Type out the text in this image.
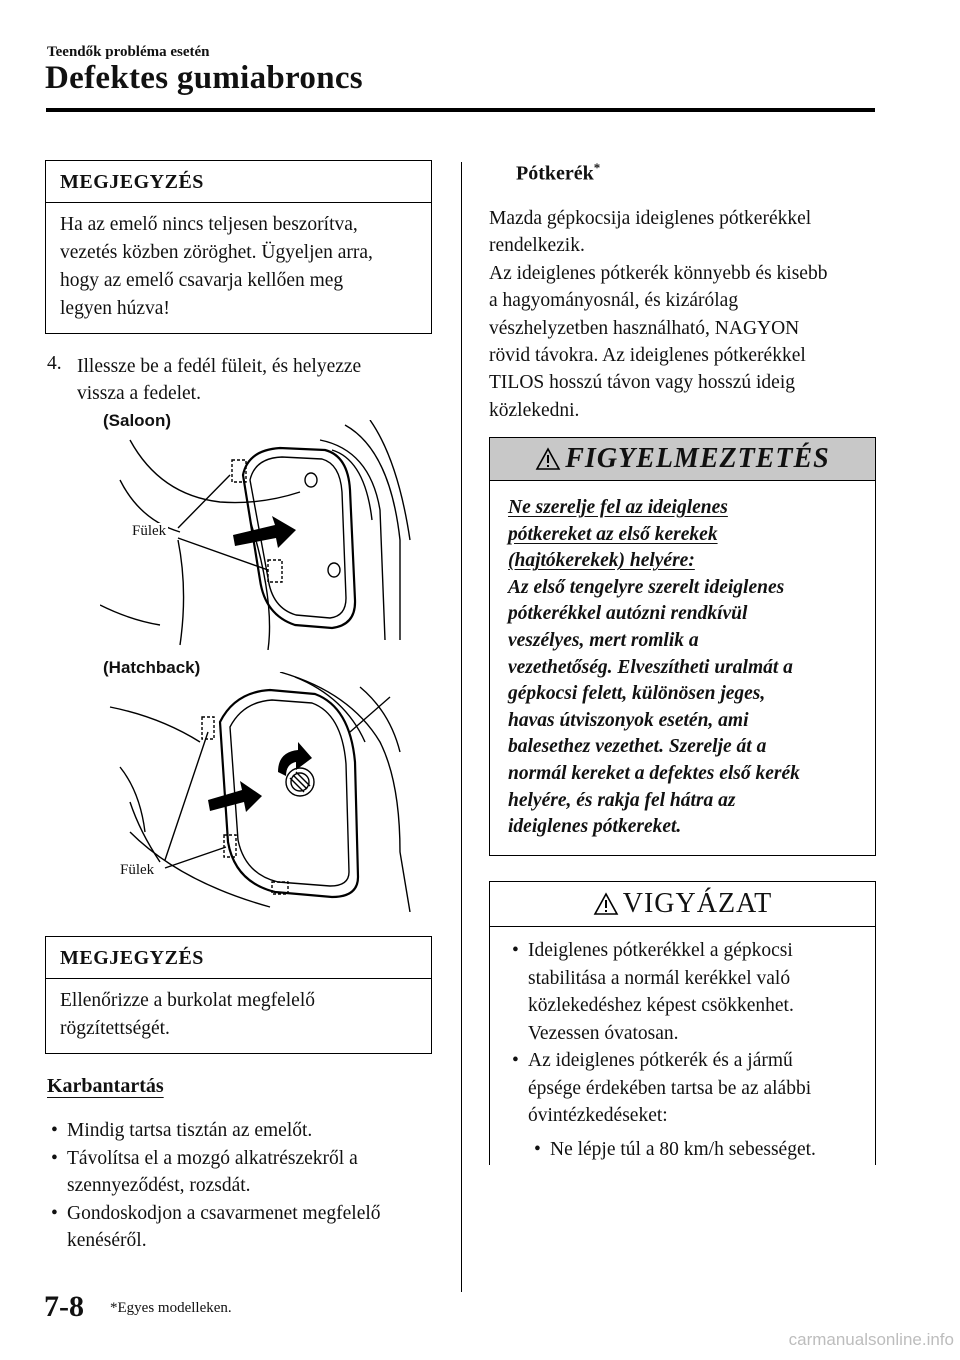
Teendők probléma esetén
Defektes gumiabroncs
MEGJEGYZÉS
Ha az emelő nincs teljesen beszorítva,
vezetés közben zöröghet. Ügyeljen arra,
hogy az emelő csavarja kellően meg
legyen húzva!
4. Illessze be a fedél füleit, és helyezze
vissza a fedelet.
(Saloon)
Fülek
(Hatchback)
Fülek
MEGJEGYZÉS
Ellenőrizze a burkolat megfelelő
rögzítettségét.
Karbantartás
• Mindig tartsa tisztán az emelőt.
• Távolítsa el a mozgó alkatrészekről a
szennyeződést, rozsdát.
• Gondoskodjon a csavarmenet megfelelő
kenéséről.
Pótkerék*
Mazda gépkocsija ideiglenes pótkerékkel
rendelkezik.
Az ideiglenes pótkerék könnyebb és kisebb
a hagyományosnál, és kizárólag
vészhelyzetben használható, NAGYON
rövid távokra. Az ideiglenes pótkerékkel
TILOS hosszú távon vagy hosszú ideig
közlekedni.
FIGYELMEZTETÉS
Ne szerelje fel az ideiglenes
pótkereket az első kerekek
(hajtókerekek) helyére:
Az első tengelyre szerelt ideiglenes
pótkerékkel autózni rendkívül
veszélyes, mert romlik a
vezethetőség. Elveszítheti uralmát a
gépkocsi felett, különösen jeges,
havas útviszonyok esetén, ami
balesethez vezethet. Szerelje át a
normál kereket a defektes első kerék
helyére, és rakja fel hátra az
ideiglenes pótkereket.
VIGYÁZAT
• Ideiglenes pótkerékkel a gépkocsi
stabilitása a normál kerékkel való
közlekedéshez képest csökkenhet.
Vezessen óvatosan.
• Az ideiglenes pótkerék és a jármű
épsége érdekében tartsa be az alábbi
óvintézkedéseket:
• Ne lépje túl a 80 km/h sebességet.
7-8 *Egyes modelleken.
carmanualsonline.info
